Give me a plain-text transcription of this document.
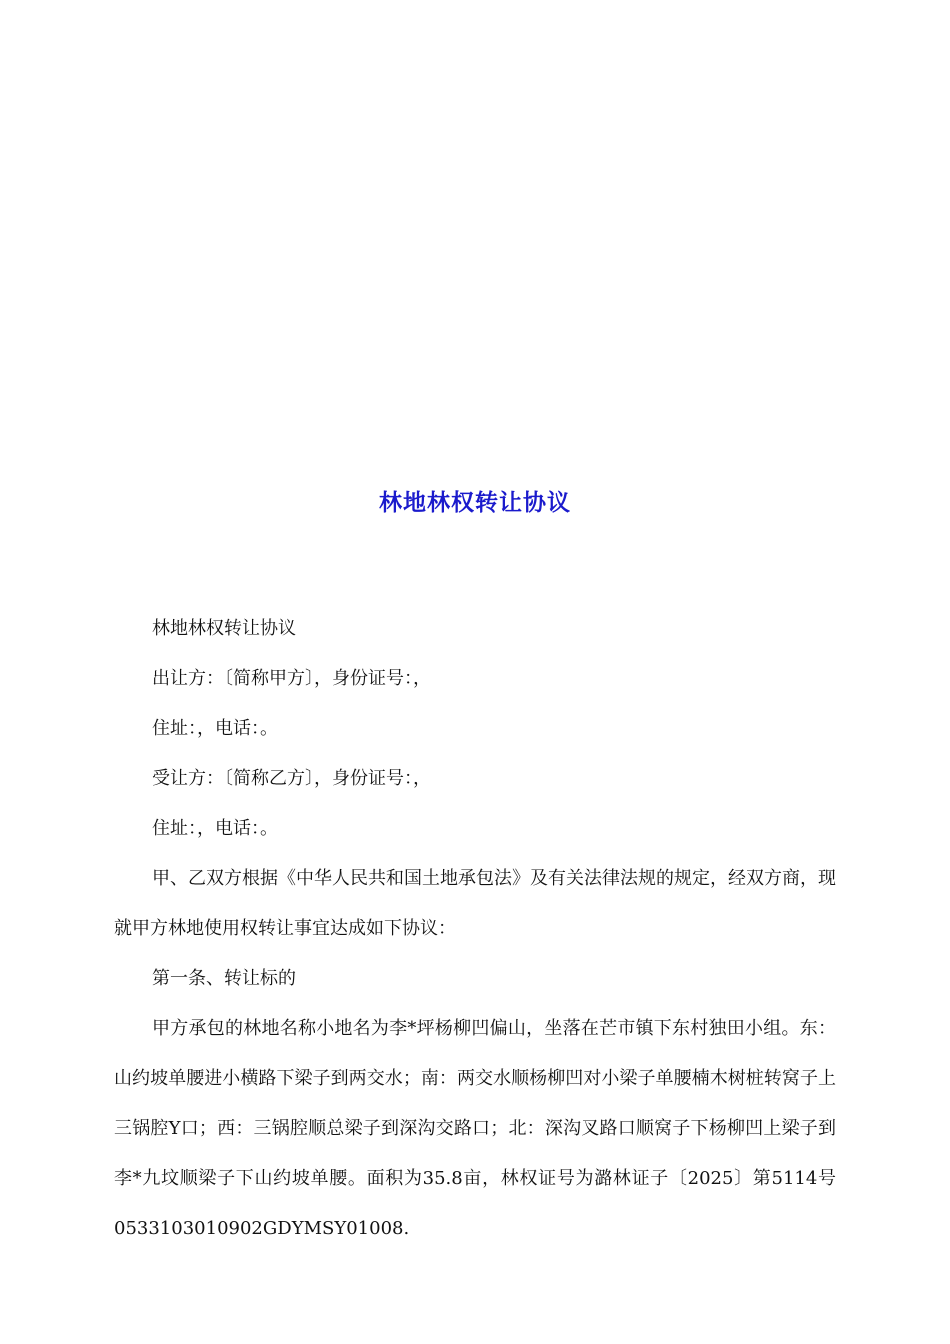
林地林权转让协议

林地林权转让协议

出让方：〔简称甲方〕，身份证号：，

住址：，电话：。

受让方：〔简称乙方〕，身份证号：，

住址：，电话：。

甲、乙双方根据《中华人民共和国土地承包法》及有关法律法规的规定，经双方商，现就甲方林地使用权转让事宜达成如下协议：

第一条、转让标的

甲方承包的林地名称小地名为李*坪杨柳凹偏山，坐落在芒市镇下东村独田小组。东：山约坡单腰进小横路下梁子到两交水；南：两交水顺杨柳凹对小梁子单腰楠木树桩转窝子上三锅腔Y口；西：三锅腔顺总梁子到深沟交路口；北：深沟叉路口顺窝子下杨柳凹上梁子到李*九坟顺梁子下山约坡单腰。面积为35.8亩，林权证号为潞林证子〔2025〕第5114号0533103010902GDYMSY01008.
